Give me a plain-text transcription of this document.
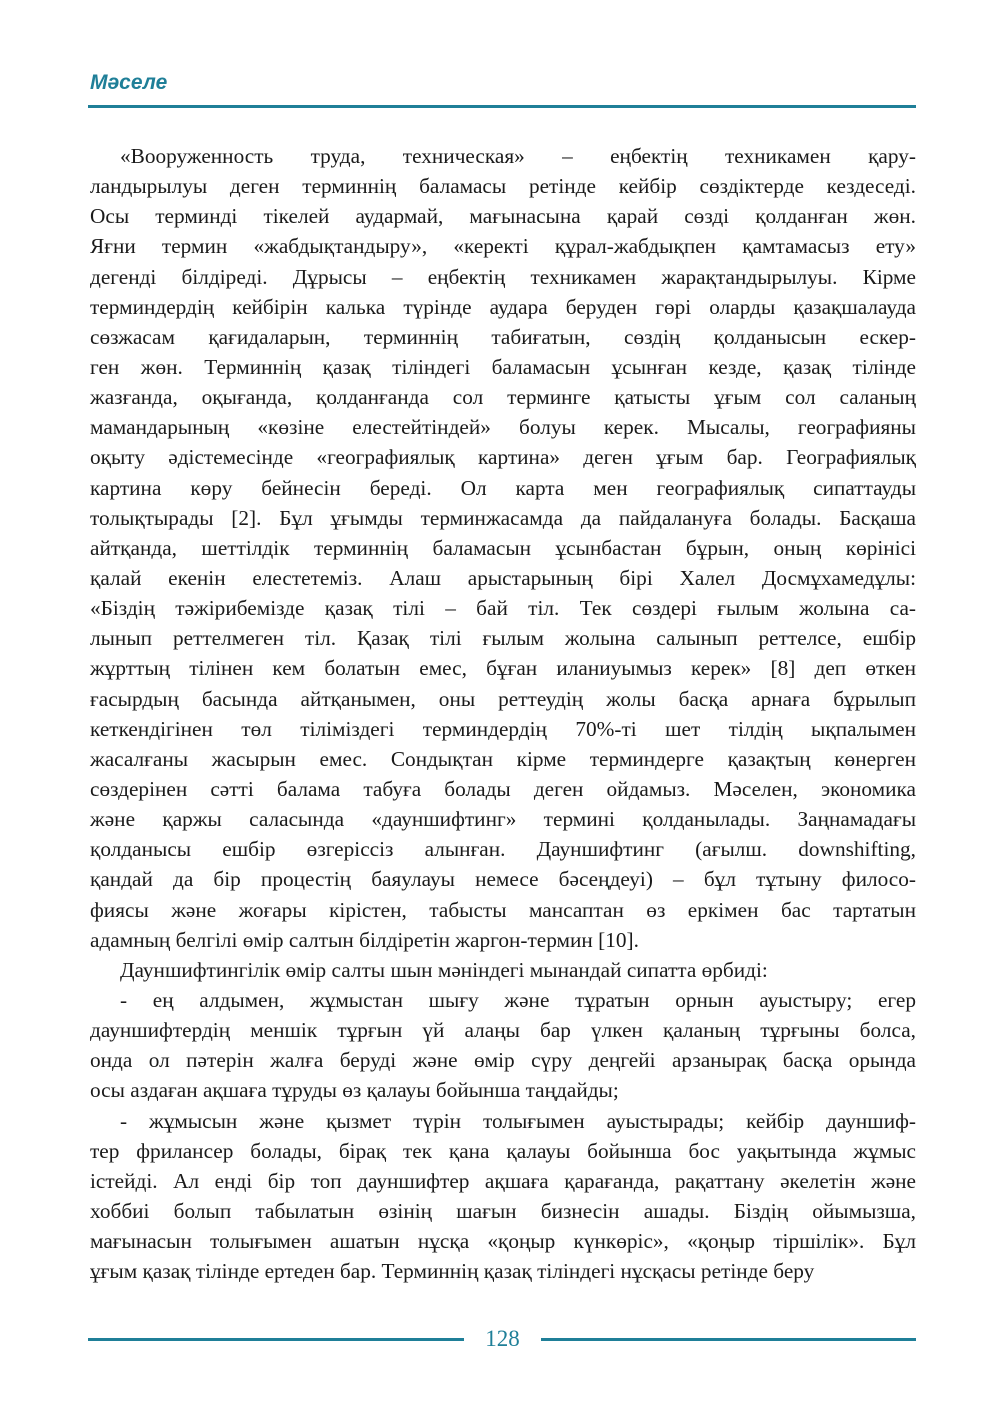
Мәселе
«Вооруженность труда, техническая» – еңбектің техникамен қару-
ландырылуы деген терминнің баламасы ретінде кейбір сөздіктерде кездеседі.
Осы терминді тікелей аудармай, мағынасына қарай сөзді қолданған жөн.
Яғни термин «жабдықтандыру», «керекті құрал-жабдықпен қамтамасыз ету»
дегенді білдіреді. Дұрысы – еңбектің техникамен жарақтандырылуы. Кірме
терминдердің кейбірін калька түрінде аудара беруден гөрі оларды қазақшалауда
сөзжасам қағидаларын, терминнің табиғатын, сөздің қолданысын ескер-
ген жөн. Терминнің қазақ тіліндегі баламасын ұсынған кезде, қазақ тілінде
жазғанда, оқығанда, қолданғанда сол терминге қатысты ұғым сол саланың
мамандарының «көзіне елестейтіндей» болуы керек. Мысалы, географияны
оқыту әдістемесінде «географиялық картина» деген ұғым бар. Географиялық
картина көру бейнесін береді. Ол карта мен географиялық сипаттауды
толықтырады [2]. Бұл ұғымды терминжасамда да пайдалануға болады. Басқаша
айтқанда, шеттілдік терминнің баламасын ұсынбастан бұрын, оның көрінісі
қалай екенін елестетеміз. Алаш арыстарының бірі Халел Досмұхамедұлы:
«Біздің тәжірибемізде қазақ тілі – бай тіл. Тек сөздері ғылым жолына са-
лынып реттелмеген тіл. Қазақ тілі ғылым жолына салынып реттелсе, ешбір
жұрттың тілінен кем болатын емес, бұған иланиуымыз керек» [8] деп өткен
ғасырдың басында айтқанымен, оны реттеудің жолы басқа арнаға бұрылып
кеткендігінен төл тіліміздегі терминдердің 70%-ті шет тілдің ықпалымен
жасалғаны жасырын емес. Сондықтан кірме терминдерге қазақтың көнерген
сөздерінен сәтті балама табуға болады деген ойдамыз. Мәселен, экономика
және қаржы саласында «дауншифтинг» термині қолданылады. Заңнамадағы
қолданысы ешбір өзгеріссіз алынған. Дауншифтинг (ағылш. downshifting,
қандай да бір процестің баяулауы немесе бәсеңдеуі) – бұл тұтыну филосо-
фиясы және жоғары кірістен, табысты мансаптан өз еркімен бас тартатын
адамның белгілі өмір салтын білдіретін жаргон-термин [10].
Дауншифтингілік өмір салты шын мәніндегі мынандай сипатта өрбиді:
- ең алдымен, жұмыстан шығу және тұратын орнын ауыстыру; егер
дауншифтердің меншік тұрғын үй алаңы бар үлкен қаланың тұрғыны болса,
онда ол пәтерін жалға беруді және өмір сүру деңгейі арзанырақ басқа орында
осы аздаған ақшаға тұруды өз қалауы бойынша таңдайды;
- жұмысын және қызмет түрін толығымен ауыстырады; кейбір дауншиф-
тер фрилансер болады, бірақ тек қана қалауы бойынша бос уақытында жұмыс
істейді. Ал енді бір топ дауншифтер ақшаға қарағанда, рақаттану әкелетін және
хоббиі болып табылатын өзінің шағын бизнесін ашады. Біздің ойымызша,
мағынасын толығымен ашатын нұсқа «қоңыр күнкөріс», «қоңыр тіршілік». Бұл
ұғым қазақ тілінде ертеден бар. Терминнің қазақ тіліндегі нұсқасы ретінде беру
128
